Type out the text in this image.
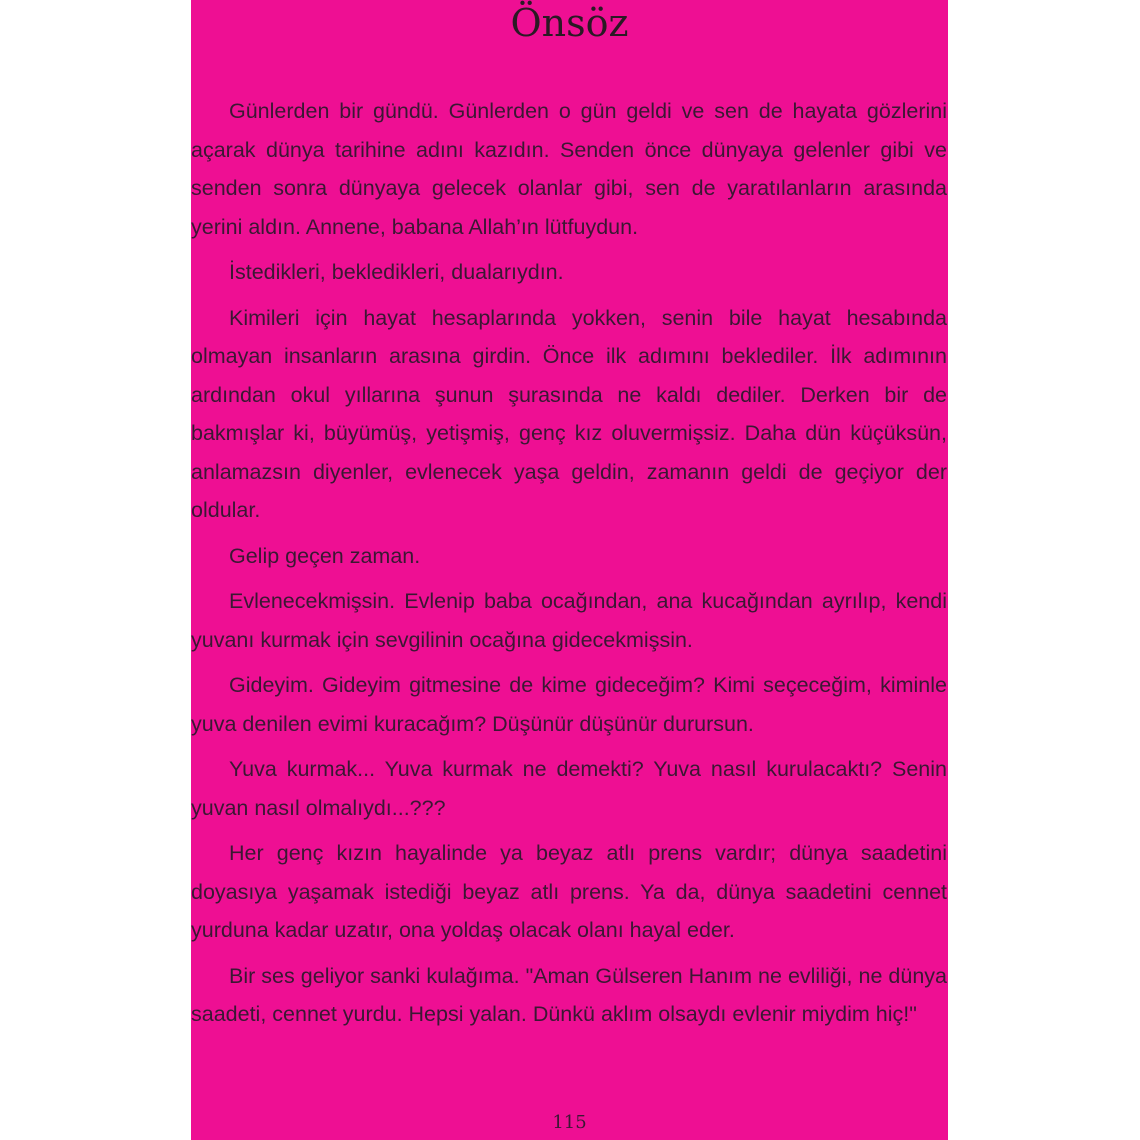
Önsöz

Günlerden bir gündü. Günlerden o gün geldi ve sen de hayata gözlerini açarak dünya tarihine adını kazıdın. Senden önce dünyaya gelenler gibi ve senden sonra dünyaya gelecek olanlar gibi, sen de yaratılanların arasında yerini aldın. Annene, babana Allah’ın lütfuydun.

İstedikleri, bekledikleri, dualarıydın.

Kimileri için hayat hesaplarında yokken, senin bile hayat hesabında olmayan insanların arasına girdin. Önce ilk adımını beklediler. İlk adımının ardından okul yıllarına şunun şurasında ne kaldı dediler. Derken bir de bakmışlar ki, büyümüş, yetişmiş, genç kız oluvermişsiz. Daha dün küçüksün, anlamazsın diyenler, evlenecek yaşa geldin, zamanın geldi de geçiyor der oldular.

Gelip geçen zaman.

Evlenecekmişsin. Evlenip baba ocağından, ana kucağından ayrılıp, kendi yuvanı kurmak için sevgilinin ocağına gidecekmişsin.

Gideyim. Gideyim gitmesine de kime gideceğim? Kimi seçeceğim, kiminle yuva denilen evimi kuracağım? Düşünür düşünür durursun.

Yuva kurmak... Yuva kurmak ne demekti? Yuva nasıl kurulacaktı? Senin yuvan nasıl olmalıydı...???

Her genç kızın hayalinde ya beyaz atlı prens vardır; dünya saadetini doyasıya yaşamak istediği beyaz atlı prens. Ya da, dünya saadetini cennet yurduna kadar uzatır, ona yoldaş olacak olanı hayal eder.

Bir ses geliyor sanki kulağıma. "Aman Gülseren Hanım ne evliliği, ne dünya saadeti, cennet yurdu. Hepsi yalan. Dünkü aklım olsaydı evlenir miydim hiç!"

115
